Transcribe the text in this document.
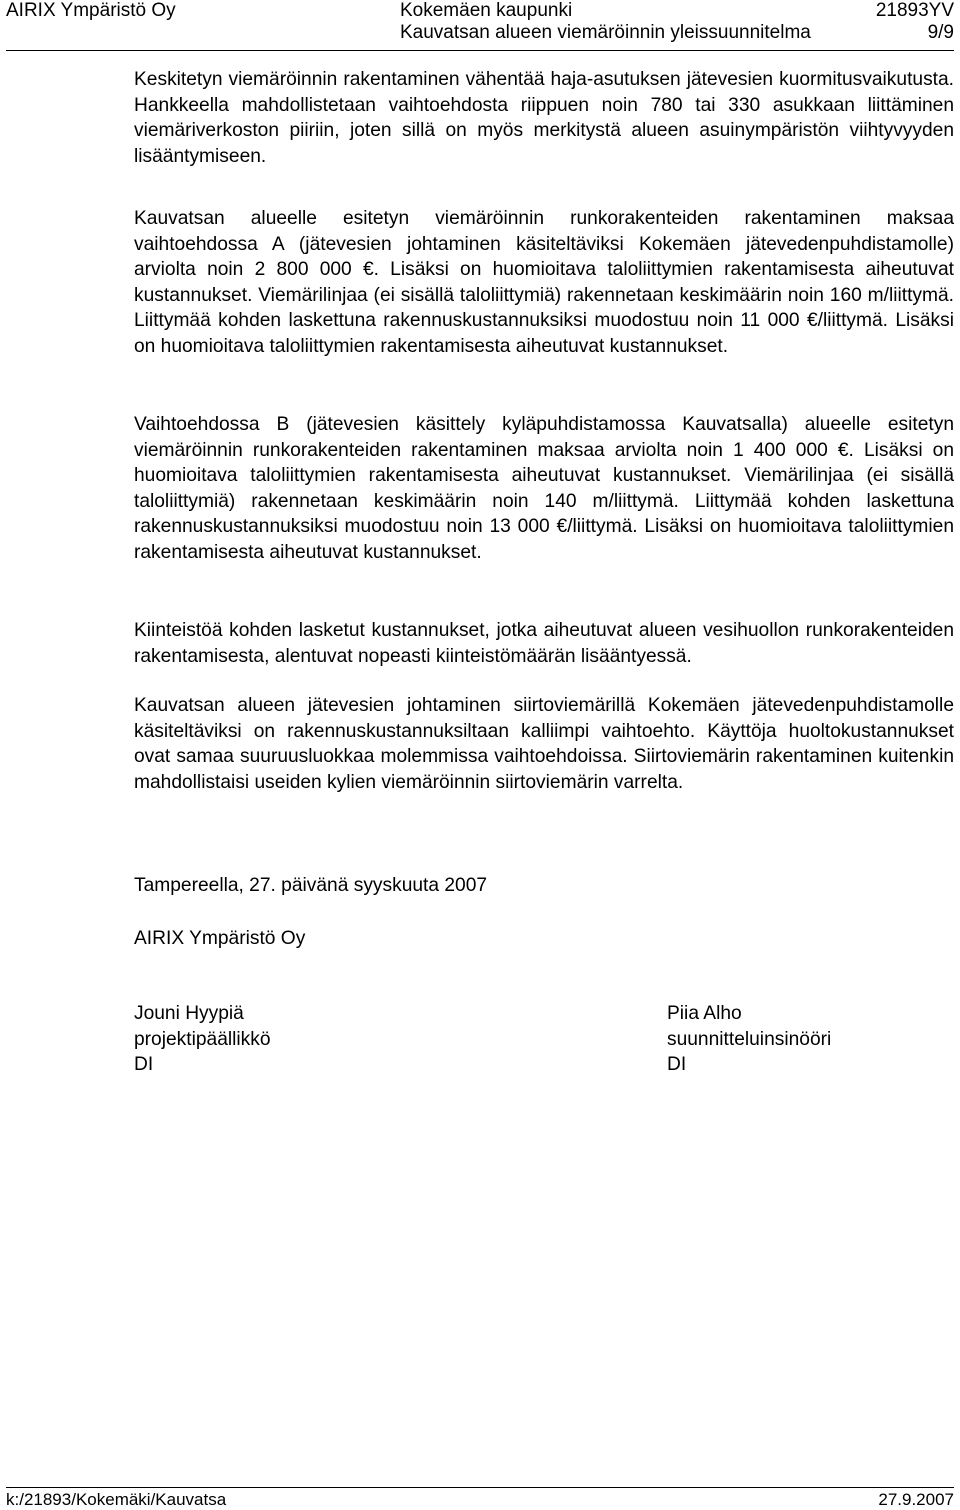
AIRIX Ympäristö Oy	Kokemäen kaupunki	21893YV
Kauvatsan alueen viemäröinnin yleissuunnitelma	9/9
Keskitetyn viemäröinnin rakentaminen vähentää haja-asutuksen jätevesien kuormitusvaikutusta. Hankkeella mahdollistetaan vaihtoehdosta riippuen noin 780 tai 330 asukkaan liittäminen viemäriverkoston piiriin, joten sillä on myös merkitystä alueen asuinympäristön viihtyvyyden lisääntymiseen.
Kauvatsan alueelle esitetyn viemäröinnin runkorakenteiden rakentaminen maksaa vaihtoehdossa A (jätevesien johtaminen käsiteltäviksi Kokemäen jätevedenpuhdistamolle) arviolta noin 2 800 000 €. Lisäksi on huomioitava taloliittymien rakentamisesta aiheutuvat kustannukset. Viemärilinjaa (ei sisällä taloliittymiä) rakennetaan keskimäärin noin 160 m/liittymä. Liittymää kohden laskettuna rakennuskustannuksiksi muodostuu noin 11 000 €/liittymä. Lisäksi on huomioitava taloliittymien rakentamisesta aiheutuvat kustannukset.
Vaihtoehdossa B (jätevesien käsittely kyläpuhdistamossa Kauvatsalla) alueelle esitetyn viemäröinnin runkorakenteiden rakentaminen maksaa arviolta noin 1 400 000 €. Lisäksi on huomioitava taloliittymien rakentamisesta aiheutuvat kustannukset. Viemärilinjaa (ei sisällä taloliittymiä) rakennetaan keskimäärin noin 140 m/liittymä. Liittymää kohden laskettuna rakennuskustannuksiksi muodostuu noin 13 000 €/liittymä. Lisäksi on huomioitava taloliittymien rakentamisesta aiheutuvat kustannukset.
Kiinteistöä kohden lasketut kustannukset, jotka aiheutuvat alueen vesihuollon runkorakenteiden rakentamisesta, alentuvat nopeasti kiinteistömäärän lisääntyessä.
Kauvatsan alueen jätevesien johtaminen siirtoviemärillä Kokemäen jätevedenpuhdistamolle käsiteltäviksi on rakennuskustannuksiltaan kalliimpi vaihtoehto. Käyttöja huoltokustannukset ovat samaa suuruusluokkaa molemmissa vaihtoehdoissa. Siirtoviemärin rakentaminen kuitenkin mahdollistaisi useiden kylien viemäröinnin siirtoviemärin varrelta.
Tampereella, 27. päivänä syyskuuta 2007
AIRIX Ympäristö Oy
Jouni Hyypiä
projektipäällikkö
DI
Piia Alho
suunnitteluinsinööri
DI
k:/21893/Kokemäki/Kauvatsa	27.9.2007
